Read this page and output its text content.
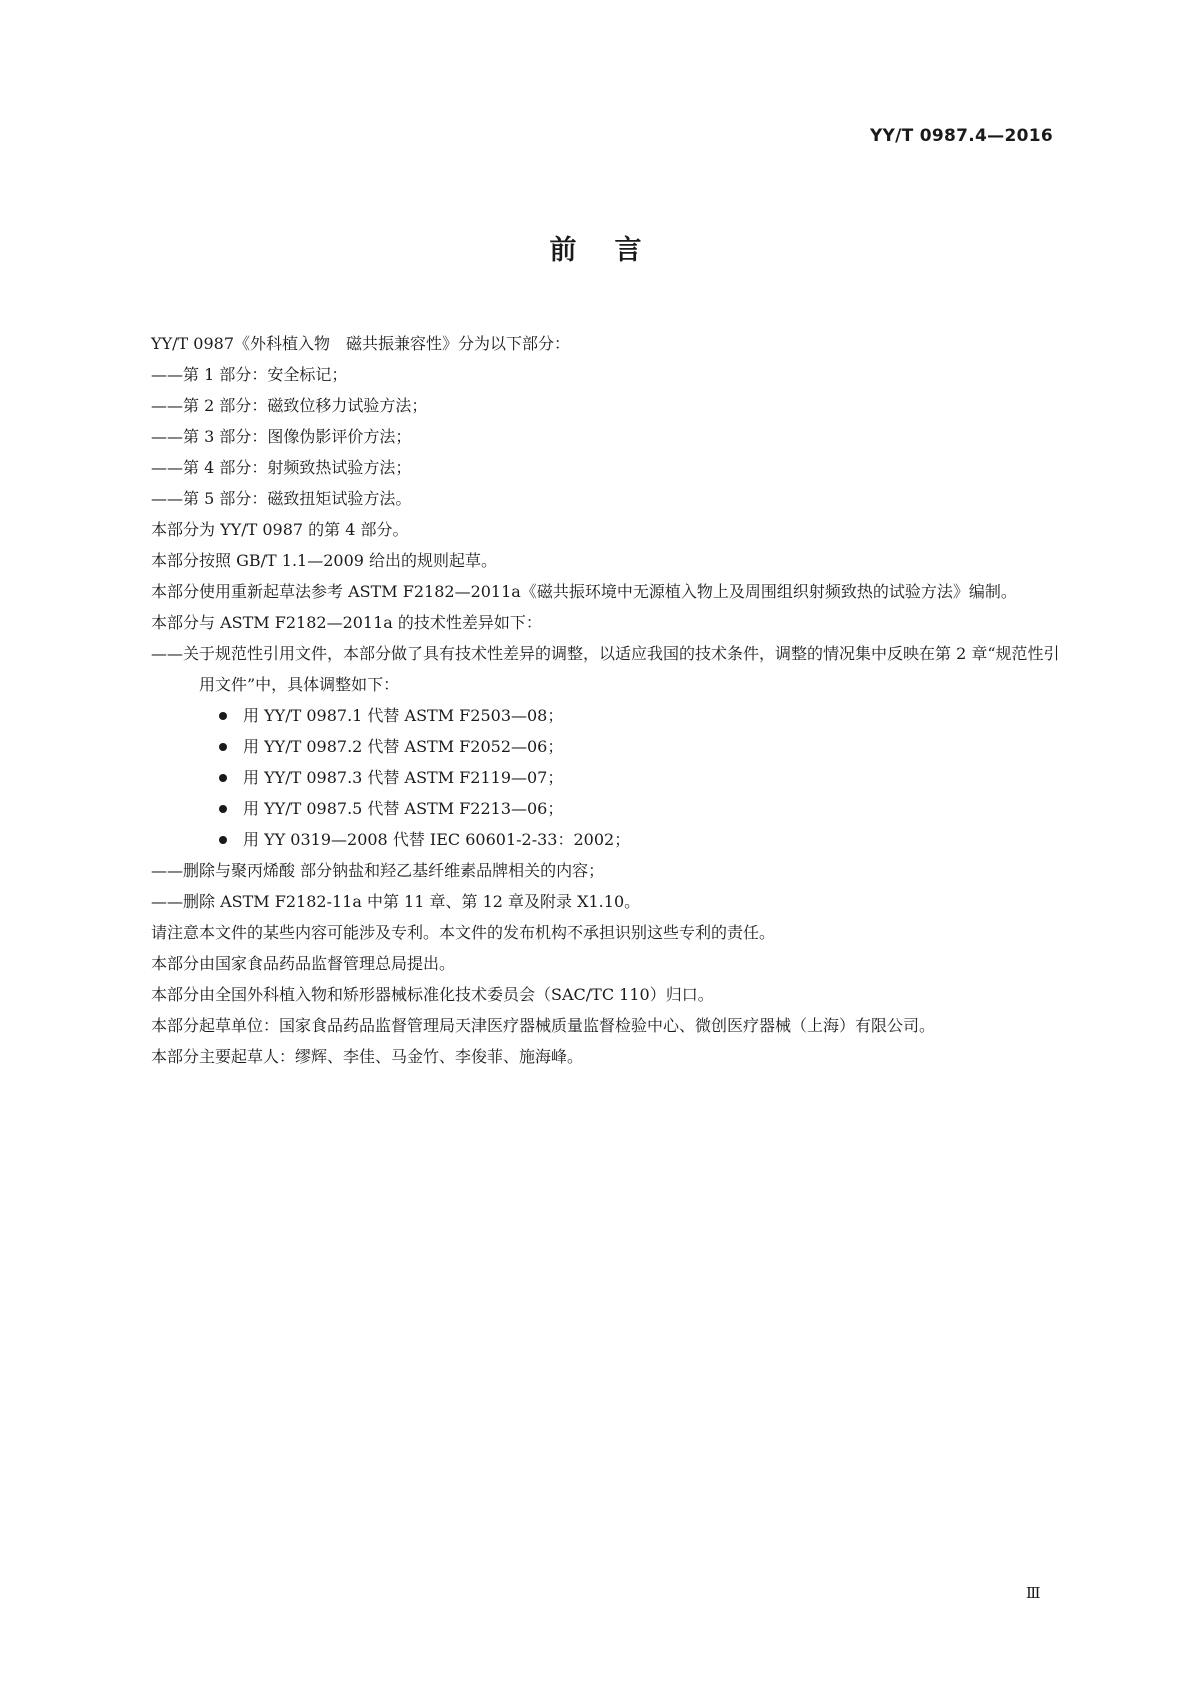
YY/T 0987.4—2016
前言

YY/T 0987《外科植入物　磁共振兼容性》分为以下部分：

——第 1 部分：安全标记；

——第 2 部分：磁致位移力试验方法；

——第 3 部分：图像伪影评价方法；

——第 4 部分：射频致热试验方法；

——第 5 部分：磁致扭矩试验方法。

本部分为 YY/T 0987 的第 4 部分。

本部分按照 GB/T 1.1—2009 给出的规则起草。

本部分使用重新起草法参考 ASTM F2182—2011a《磁共振环境中无源植入物上及周围组织射频致热的试验方法》编制。

本部分与 ASTM F2182—2011a 的技术性差异如下：

——关于规范性引用文件，本部分做了具有技术性差异的调整，以适应我国的技术条件，调整的情况集中反映在第 2 章“规范性引用文件”中，具体调整如下：

用 YY/T 0987.1 代替 ASTM F2503—08；

用 YY/T 0987.2 代替 ASTM F2052—06；

用 YY/T 0987.3 代替 ASTM F2119—07；

用 YY/T 0987.5 代替 ASTM F2213—06；

用 YY 0319—2008 代替 IEC 60601-2-33：2002；

——删除与聚丙烯酸 部分钠盐和羟乙基纤维素品牌相关的内容；

——删除 ASTM F2182-11a 中第 11 章、第 12 章及附录 X1.10。

请注意本文件的某些内容可能涉及专利。本文件的发布机构不承担识别这些专利的责任。

本部分由国家食品药品监督管理总局提出。

本部分由全国外科植入物和矫形器械标准化技术委员会（SAC/TC 110）归口。

本部分起草单位：国家食品药品监督管理局天津医疗器械质量监督检验中心、微创医疗器械（上海）有限公司。

本部分主要起草人：缪辉、李佳、马金竹、李俊菲、施海峰。

Ⅲ
